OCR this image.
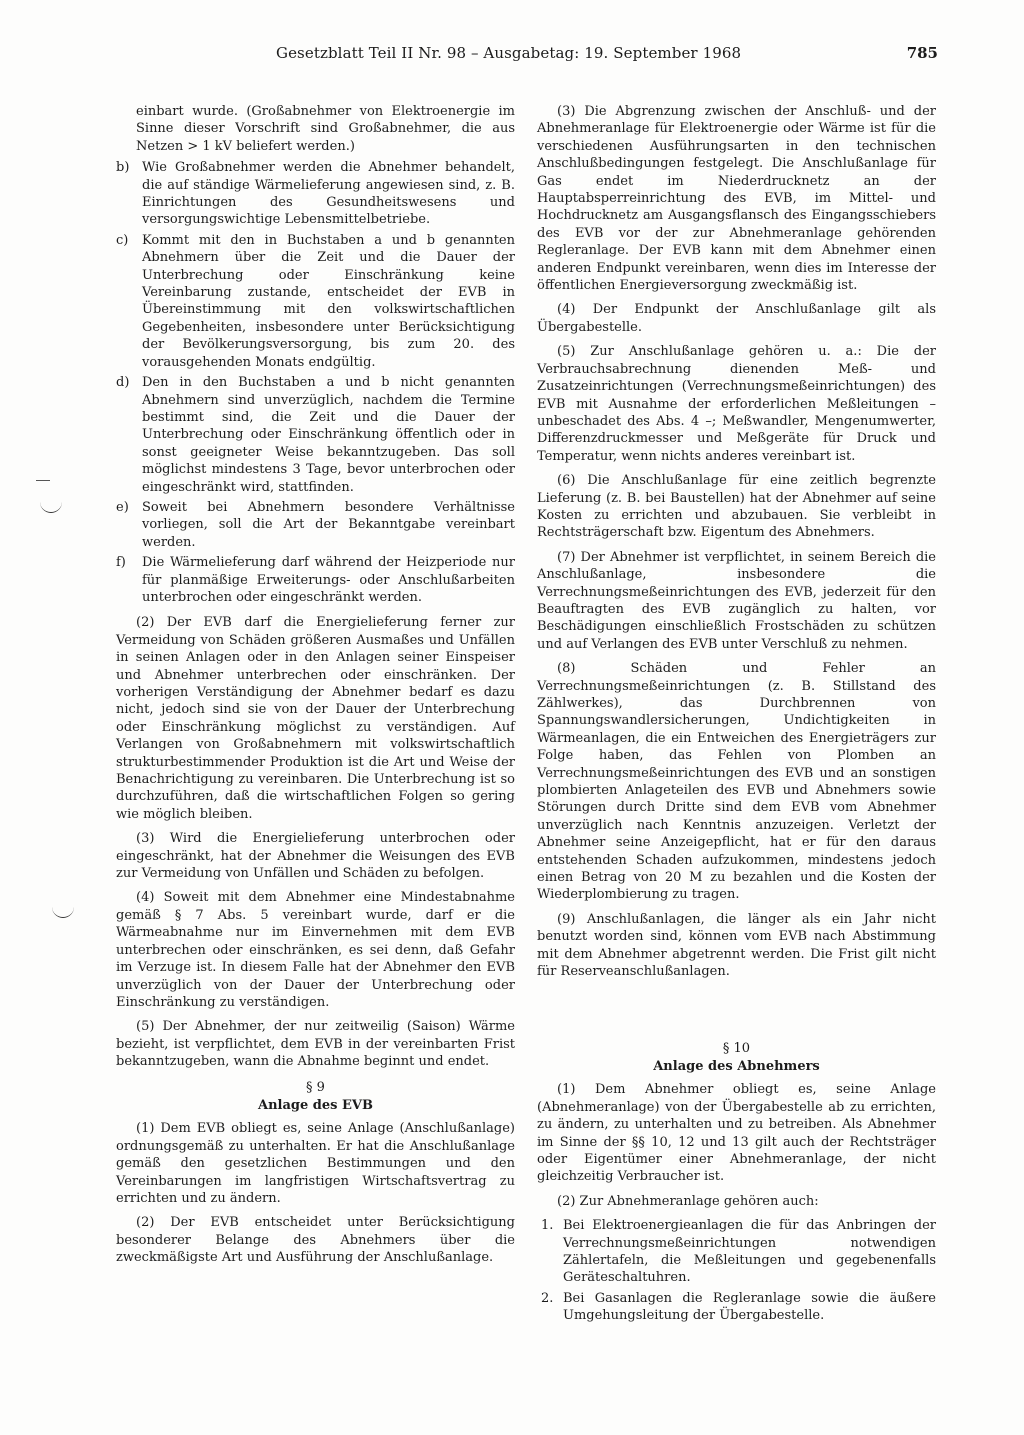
Gesetzblatt Teil II Nr. 98 – Ausgabetag: 19. September 1968	785

einbart wurde. (Großabnehmer von Elektroenergie im Sinne dieser Vorschrift sind Großabnehmer, die aus Netzen > 1 kV beliefert werden.)

b) Wie Großabnehmer werden die Abnehmer behandelt, die auf ständige Wärmelieferung angewiesen sind, z. B. Einrichtungen des Gesundheitswesens und versorgungswichtige Lebensmittelbetriebe.
c) Kommt mit den in Buchstaben a und b genannten Abnehmern über die Zeit und die Dauer der Unterbrechung oder Einschränkung keine Vereinbarung zustande, entscheidet der EVB in Übereinstimmung mit den volkswirtschaftlichen Gegebenheiten, insbesondere unter Berücksichtigung der Bevölkerungsversorgung, bis zum 20. des vorausgehenden Monats endgültig.
d) Den in den Buchstaben a und b nicht genannten Abnehmern sind unverzüglich, nachdem die Termine bestimmt sind, die Zeit und die Dauer der Unterbrechung oder Einschränkung öffentlich oder in sonst geeigneter Weise bekanntzugeben. Das soll möglichst mindestens 3 Tage, bevor unterbrochen oder eingeschränkt wird, stattfinden.
e) Soweit bei Abnehmern besondere Verhältnisse vorliegen, soll die Art der Bekanntgabe vereinbart werden.
f) Die Wärmelieferung darf während der Heizperiode nur für planmäßige Erweiterungs- oder Anschlußarbeiten unterbrochen oder eingeschränkt werden.

(2) Der EVB darf die Energielieferung ferner zur Vermeidung von Schäden größeren Ausmaßes und Unfällen in seinen Anlagen oder in den Anlagen seiner Einspeiser und Abnehmer unterbrechen oder einschränken. Der vorherigen Verständigung der Abnehmer bedarf es dazu nicht, jedoch sind sie von der Dauer der Unterbrechung oder Einschränkung möglichst zu verständigen. Auf Verlangen von Großabnehmern mit volkswirtschaftlich strukturbestimmender Produktion ist die Art und Weise der Benachrichtigung zu vereinbaren. Die Unterbrechung ist so durchzuführen, daß die wirtschaftlichen Folgen so gering wie möglich bleiben.

(3) Wird die Energielieferung unterbrochen oder eingeschränkt, hat der Abnehmer die Weisungen des EVB zur Vermeidung von Unfällen und Schäden zu befolgen.

(4) Soweit mit dem Abnehmer eine Mindestabnahme gemäß § 7 Abs. 5 vereinbart wurde, darf er die Wärmeabnahme nur im Einvernehmen mit dem EVB unterbrechen oder einschränken, es sei denn, daß Gefahr im Verzuge ist. In diesem Falle hat der Abnehmer den EVB unverzüglich von der Dauer der Unterbrechung oder Einschränkung zu verständigen.

(5) Der Abnehmer, der nur zeitweilig (Saison) Wärme bezieht, ist verpflichtet, dem EVB in der vereinbarten Frist bekanntzugeben, wann die Abnahme beginnt und endet.

§ 9
Anlage des EVB

(1) Dem EVB obliegt es, seine Anlage (Anschlußanlage) ordnungsgemäß zu unterhalten. Er hat die Anschlußanlage gemäß den gesetzlichen Bestimmungen und den Vereinbarungen im langfristigen Wirtschaftsvertrag zu errichten und zu ändern.

(2) Der EVB entscheidet unter Berücksichtigung besonderer Belange des Abnehmers über die zweckmäßigste Art und Ausführung der Anschlußanlage.

(3) Die Abgrenzung zwischen der Anschluß- und der Abnehmeranlage für Elektroenergie oder Wärme ist für die verschiedenen Ausführungsarten in den technischen Anschlußbedingungen festgelegt. Die Anschlußanlage für Gas endet im Niederdrucknetz an der Hauptabsperreinrichtung des EVB, im Mittel- und Hochdrucknetz am Ausgangsflansch des Eingangsschiebers des EVB vor der zur Abnehmeranlage gehörenden Regleranlage. Der EVB kann mit dem Abnehmer einen anderen Endpunkt vereinbaren, wenn dies im Interesse der öffentlichen Energieversorgung zweckmäßig ist.

(4) Der Endpunkt der Anschlußanlage gilt als Übergabestelle.

(5) Zur Anschlußanlage gehören u. a.: Die der Verbrauchsabrechnung dienenden Meß- und Zusatzeinrichtungen (Verrechnungsmeßeinrichtungen) des EVB mit Ausnahme der erforderlichen Meßleitungen – unbeschadet des Abs. 4 –; Meßwandler, Mengenumwerter, Differenzdruckmesser und Meßgeräte für Druck und Temperatur, wenn nichts anderes vereinbart ist.

(6) Die Anschlußanlage für eine zeitlich begrenzte Lieferung (z. B. bei Baustellen) hat der Abnehmer auf seine Kosten zu errichten und abzubauen. Sie verbleibt in Rechtsträgerschaft bzw. Eigentum des Abnehmers.

(7) Der Abnehmer ist verpflichtet, in seinem Bereich die Anschlußanlage, insbesondere die Verrechnungsmeßeinrichtungen des EVB, jederzeit für den Beauftragten des EVB zugänglich zu halten, vor Beschädigungen einschließlich Frostschäden zu schützen und auf Verlangen des EVB unter Verschluß zu nehmen.

(8) Schäden und Fehler an Verrechnungsmeßeinrichtungen (z. B. Stillstand des Zählwerkes), das Durchbrennen von Spannungswandlersicherungen, Undichtigkeiten in Wärmeanlagen, die ein Entweichen des Energieträgers zur Folge haben, das Fehlen von Plomben an Verrechnungsmeßeinrichtungen des EVB und an sonstigen plombierten Anlageteilen des EVB und Abnehmers sowie Störungen durch Dritte sind dem EVB vom Abnehmer unverzüglich nach Kenntnis anzuzeigen. Verletzt der Abnehmer seine Anzeigepflicht, hat er für den daraus entstehenden Schaden aufzukommen, mindestens jedoch einen Betrag von 20 M zu bezahlen und die Kosten der Wiederplombierung zu tragen.

(9) Anschlußanlagen, die länger als ein Jahr nicht benutzt worden sind, können vom EVB nach Abstimmung mit dem Abnehmer abgetrennt werden. Die Frist gilt nicht für Reserveanschlußanlagen.

§ 10
Anlage des Abnehmers

(1) Dem Abnehmer obliegt es, seine Anlage (Abnehmeranlage) von der Übergabestelle ab zu errichten, zu ändern, zu unterhalten und zu betreiben. Als Abnehmer im Sinne der §§ 10, 12 und 13 gilt auch der Rechtsträger oder Eigentümer einer Abnehmeranlage, der nicht gleichzeitig Verbraucher ist.

(2) Zur Abnehmeranlage gehören auch:

1. Bei Elektroenergieanlagen die für das Anbringen der Verrechnungsmeßeinrichtungen notwendigen Zählertafeln, die Meßleitungen und gegebenenfalls Geräteschaltuhren.
2. Bei Gasanlagen die Regleranlage sowie die äußere Umgehungsleitung der Übergabestelle.
